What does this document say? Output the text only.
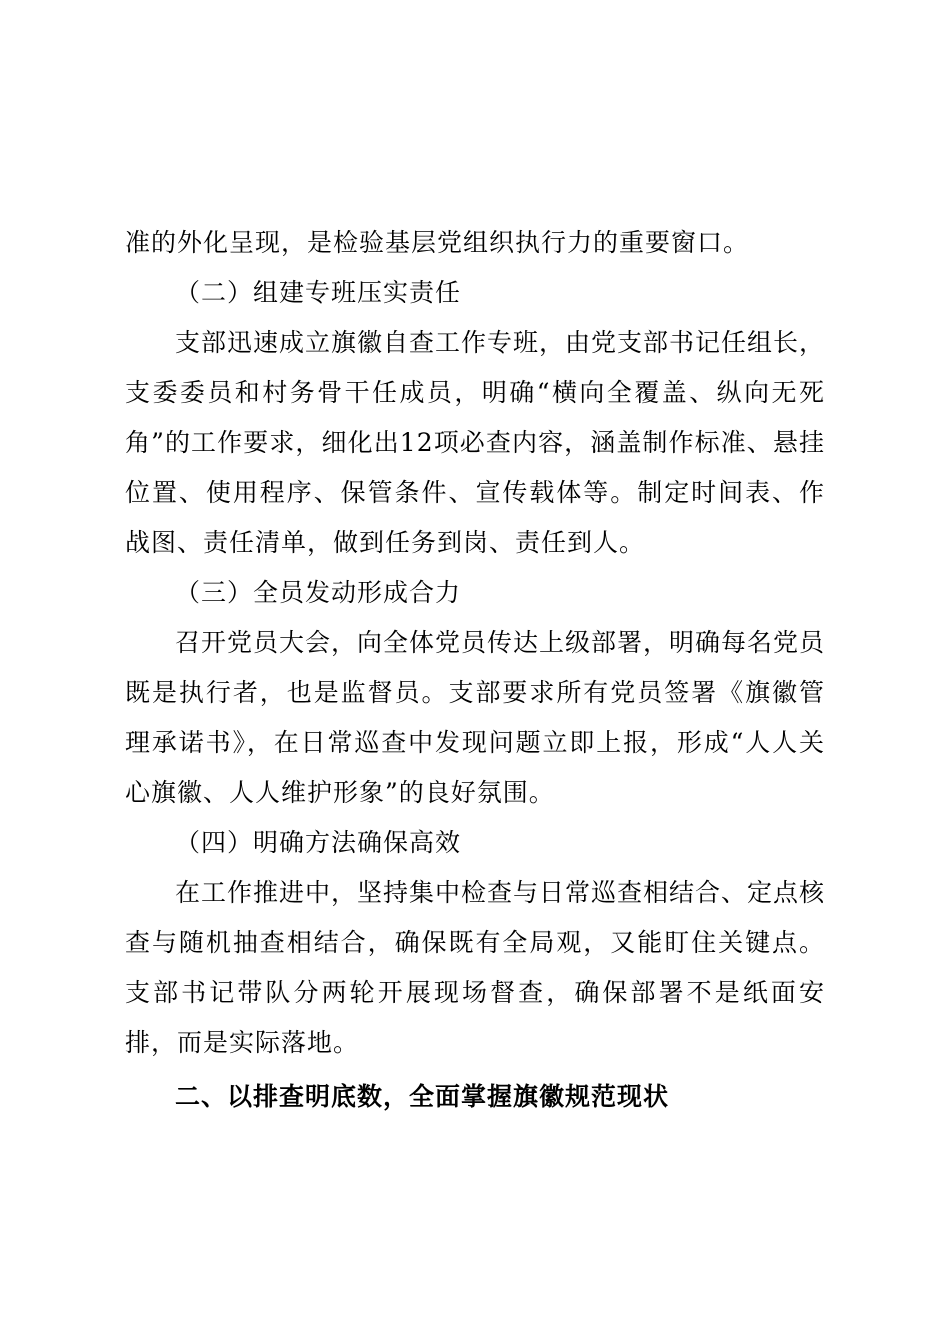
准的外化呈现，是检验基层党组织执行力的重要窗口。

（二）组建专班压实责任

支部迅速成立旗徽自查工作专班，由党支部书记任组长，支委委员和村务骨干任成员，明确“横向全覆盖、纵向无死角”的工作要求，细化出12项必查内容，涵盖制作标准、悬挂位置、使用程序、保管条件、宣传载体等。制定时间表、作战图、责任清单，做到任务到岗、责任到人。

（三）全员发动形成合力

召开党员大会，向全体党员传达上级部署，明确每名党员既是执行者，也是监督员。支部要求所有党员签署《旗徽管理承诺书》，在日常巡查中发现问题立即上报，形成“人人关心旗徽、人人维护形象”的良好氛围。

（四）明确方法确保高效

在工作推进中，坚持集中检查与日常巡查相结合、定点核查与随机抽查相结合，确保既有全局观，又能盯住关键点。支部书记带队分两轮开展现场督查，确保部署不是纸面安排，而是实际落地。

二、以排查明底数，全面掌握旗徽规范现状
